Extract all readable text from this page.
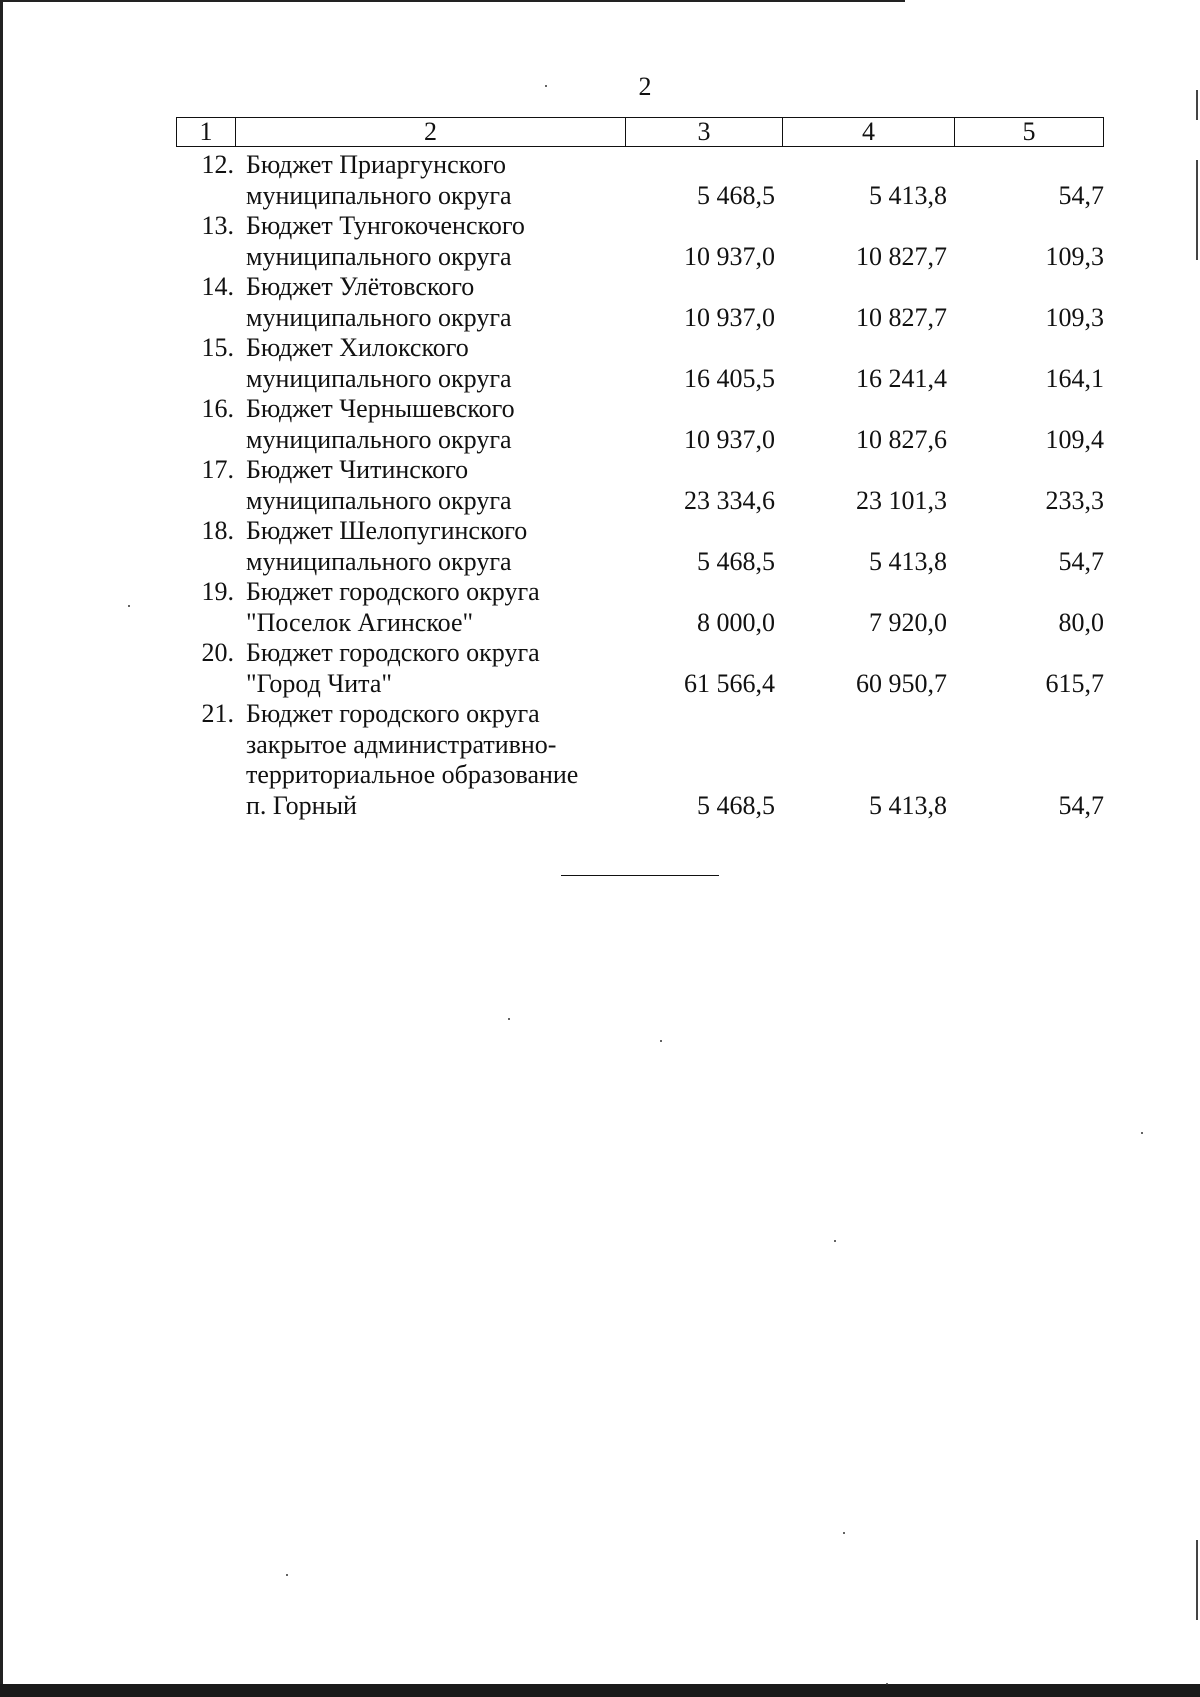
2
1	2	3	4	5
12. Бюджет Приаргунского
муниципального округа	5 468,5	5 413,8	54,7
13. Бюджет Тунгокоченского
муниципального округа	10 937,0	10 827,7	109,3
14. Бюджет Улётовского
муниципального округа	10 937,0	10 827,7	109,3
15. Бюджет Хилокского
муниципального округа	16 405,5	16 241,4	164,1
16. Бюджет Чернышевского
муниципального округа	10 937,0	10 827,6	109,4
17. Бюджет Читинского
муниципального округа	23 334,6	23 101,3	233,3
18. Бюджет Шелопугинского
муниципального округа	5 468,5	5 413,8	54,7
19. Бюджет городского округа
"Поселок Агинское"	8 000,0	7 920,0	80,0
20. Бюджет городского округа
"Город Чита"	61 566,4	60 950,7	615,7
21. Бюджет городского округа
закрытое административно-
территориальное образование
п. Горный	5 468,5	5 413,8	54,7
